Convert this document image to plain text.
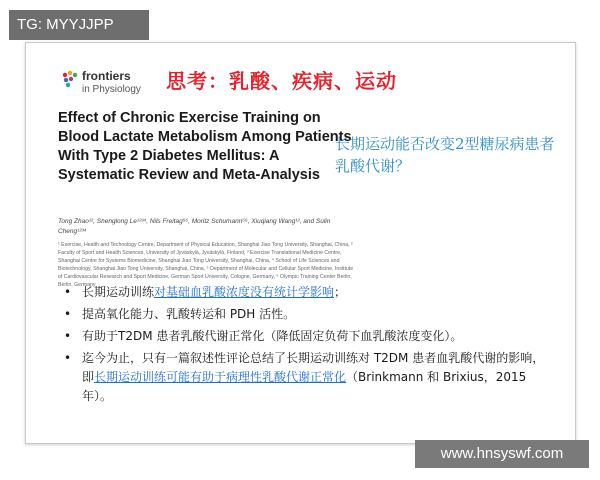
TG: MYYJJPP
frontiers
in Physiology 思考：乳酸、疾病、运动
Effect of Chronic Exercise Training on Blood Lactate Metabolism Among Patients With Type 2 Diabetes Mellitus: A Systematic Review and Meta-Analysis
Tong Zhao¹², Shenglong Le¹²³⁴, Nils Freitag⁵⁶, Moritz Schumann⁵⁶, Xiuqiang Wang¹², and Sulin Cheng¹²³⁴
¹ Exercise, Health and Technology Centre, Department of Physical Education, Shanghai Jiao Tong University, Shanghai, China, ² Faculty of Sport and Health Sciences, University of Jyväskylä, Jyväskylä, Finland, ³ Exercise Translational Medicine Centre, Shanghai Centre for Systems Biomedicine, Shanghai Jiao Tong University, Shanghai, China, ⁴ School of Life Sciences and Biotechnology, Shanghai Jiao Tong University, Shanghai, China, ⁵ Department of Molecular and Cellular Sport Medicine, Institute of Cardiovascular Research and Sport Medicine, German Sport University, Cologne, Germany, ⁶ Olympic Training Center Berlin, Berlin, Germany
长期运动能否改变2型糖尿病患者乳酸代谢？
• 长期运动训练对基础血乳酸浓度没有统计学影响；
• 提高氧化能力、乳酸转运和 PDH 活性。
• 有助于T2DM 患者乳酸代谢正常化（降低固定负荷下血乳酸浓度变化）。
• 迄今为止，只有一篇叙述性评论总结了长期运动训练对 T2DM 患者血乳酸代谢的影响，即长期运动训练可能有助于病理性乳酸代谢正常化（Brinkmann 和 Brixius，2015 年）。
www.hnsyswf.com
